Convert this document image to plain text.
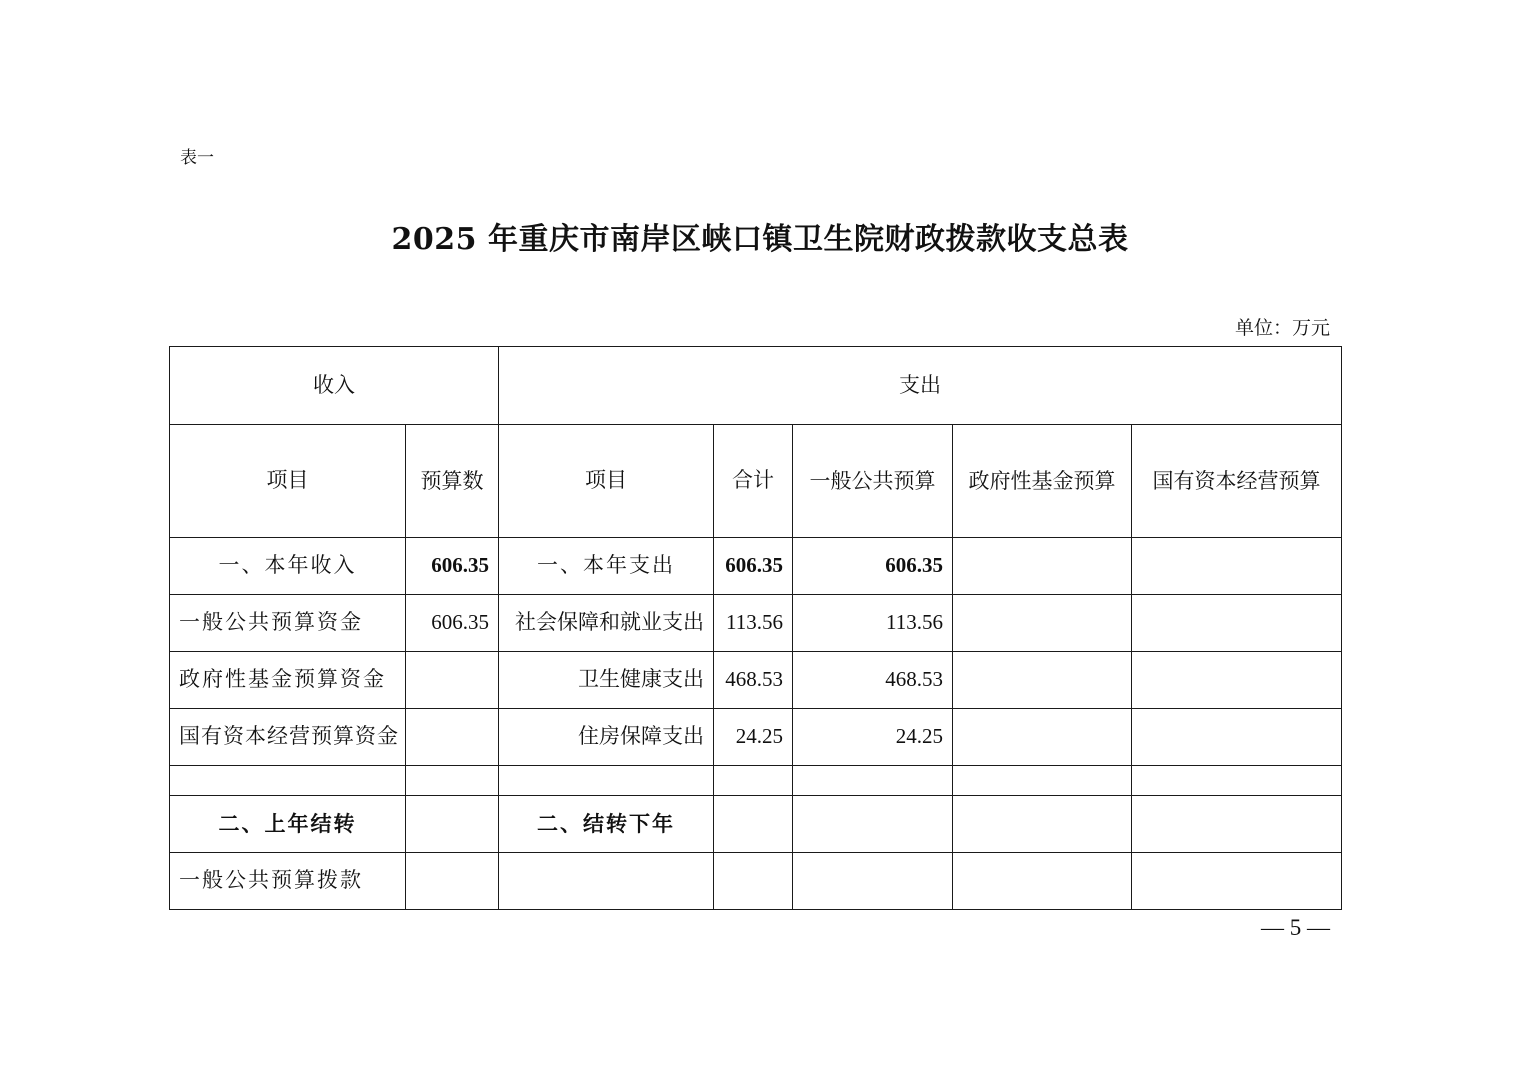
表一
2025 年重庆市南岸区峡口镇卫生院财政拨款收支总表
单位：万元
收入		支出				
项目	预算数	项目	合计	一般公共预算	政府性基金预算	国有资本经营预算
一、本年收入	606.35	一、本年支出	606.35	606.35		
一般公共预算资金	606.35	社会保障和就业支出	113.56	113.56		
政府性基金预算资金		卫生健康支出	468.53	468.53		
国有资本经营预算资金		住房保障支出	24.25	24.25		

二、上年结转		二、结转下年				
一般公共预算拨款						
— 5 —
